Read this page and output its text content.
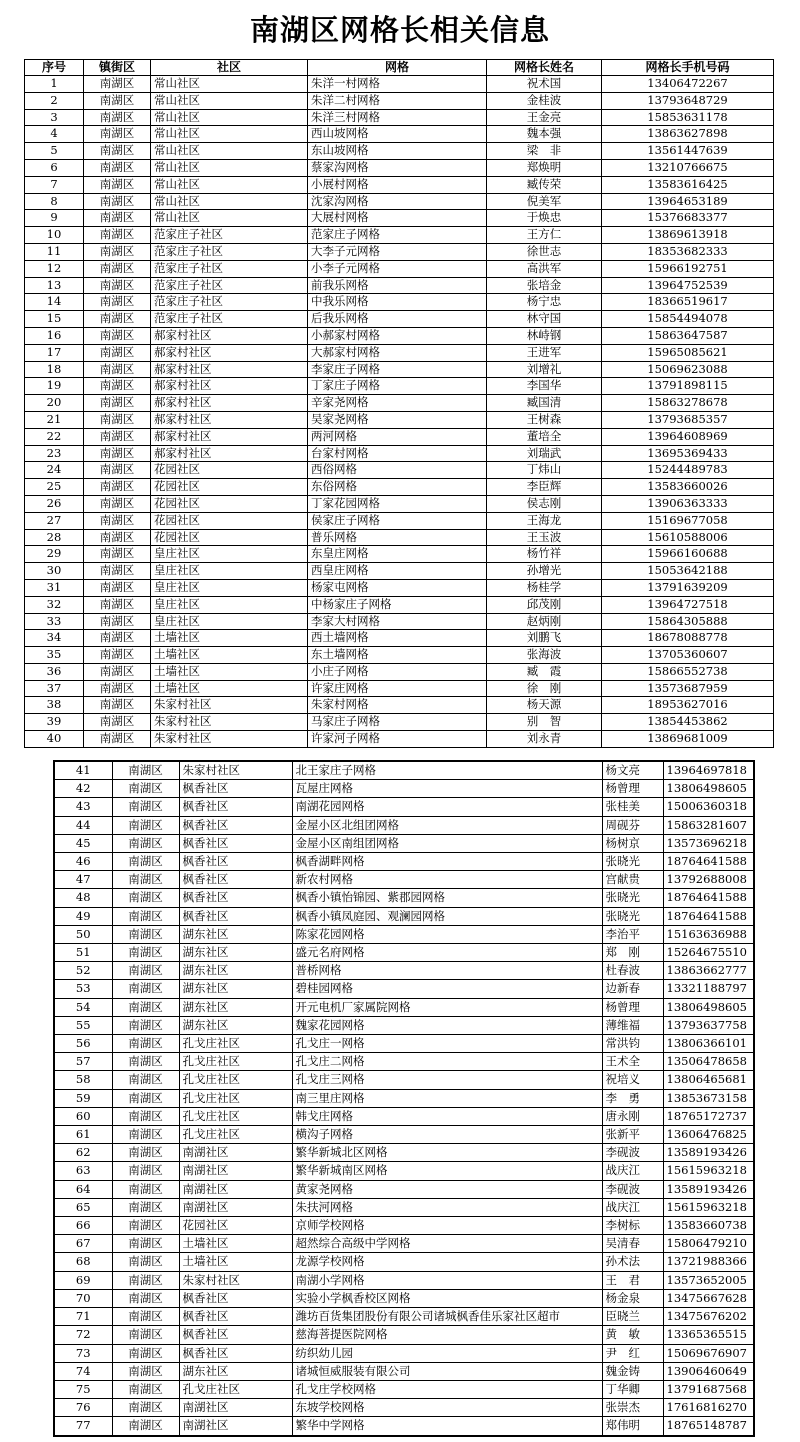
南湖区网格长相关信息
序号	镇街区	社区	网格	网格长姓名	网格长手机号码
1	南湖区	常山社区	朱洋一村网格	祝术国	13406472267
2	南湖区	常山社区	朱洋二村网格	金桂波	13793648729
3	南湖区	常山社区	朱洋三村网格	王金亮	15853631178
4	南湖区	常山社区	西山坡网格	魏本强	13863627898
5	南湖区	常山社区	东山坡网格	梁　非	13561447639
6	南湖区	常山社区	蔡家沟网格	郑焕明	13210766675
7	南湖区	常山社区	小展村网格	臧传荣	13583616425
8	南湖区	常山社区	沈家沟网格	倪美军	13964653189
9	南湖区	常山社区	大展村网格	于焕忠	15376683377
10	南湖区	范家庄子社区	范家庄子网格	王方仁	13869613918
11	南湖区	范家庄子社区	大李子元网格	徐世志	18353682333
12	南湖区	范家庄子社区	小李子元网格	高洪军	15966192751
13	南湖区	范家庄子社区	前我乐网格	张培金	13964752539
14	南湖区	范家庄子社区	中我乐网格	杨宁忠	18366519617
15	南湖区	范家庄子社区	后我乐网格	林守国	15854494078
16	南湖区	郝家村社区	小郝家村网格	林峙钢	15863647587
17	南湖区	郝家村社区	大郝家村网格	王进军	15965085621
18	南湖区	郝家村社区	李家庄子网格	刘增礼	15069623088
19	南湖区	郝家村社区	丁家庄子网格	李国华	13791898115
20	南湖区	郝家村社区	辛家尧网格	臧国清	15863278678
21	南湖区	郝家村社区	吴家尧网格	王树森	13793685357
22	南湖区	郝家村社区	两河网格	董培全	13964608969
23	南湖区	郝家村社区	台家村网格	刘瑞武	13695369433
24	南湖区	花园社区	西俗网格	丁炜山	15244489783
25	南湖区	花园社区	东俗网格	李臣辉	13583660026
26	南湖区	花园社区	丁家花园网格	侯志刚	13906363333
27	南湖区	花园社区	侯家庄子网格	王海龙	15169677058
28	南湖区	花园社区	普乐网格	王玉波	15610588006
29	南湖区	皇庄社区	东皇庄网格	杨竹祥	15966160688
30	南湖区	皇庄社区	西皇庄网格	孙增光	15053642188
31	南湖区	皇庄社区	杨家屯网格	杨桂学	13791639209
32	南湖区	皇庄社区	中杨家庄子网格	邱茂刚	13964727518
33	南湖区	皇庄社区	李家大村网格	赵炳刚	15864305888
34	南湖区	土墙社区	西土墙网格	刘鹏飞	18678088778
35	南湖区	土墙社区	东土墙网格	张海波	13705360607
36	南湖区	土墙社区	小庄子网格	臧　霞	15866552738
37	南湖区	土墙社区	许家庄网格	徐　刚	13573687959
38	南湖区	朱家村社区	朱家村网格	杨天源	18953627016
39	南湖区	朱家村社区	马家庄子网格	别　智	13854453862
40	南湖区	朱家村社区	许家河子网格	刘永青	13869681009
41	南湖区	朱家村社区	北王家庄子网格	杨文亮	13964697818
42	南湖区	枫香社区	瓦屋庄网格	杨曾理	13806498605
43	南湖区	枫香社区	南湖花园网格	张桂美	15006360318
44	南湖区	枫香社区	金屋小区北组团网格	周砚芬	15863281607
45	南湖区	枫香社区	金屋小区南组团网格	杨树京	13573696218
46	南湖区	枫香社区	枫香湖畔网格	张晓光	18764641588
47	南湖区	枫香社区	新农村网格	宫献贵	13792688008
48	南湖区	枫香社区	枫香小镇怡锦园、紫郡园网格	张晓光	18764641588
49	南湖区	枫香社区	枫香小镇凤庭园、观澜园网格	张晓光	18764641588
50	南湖区	湖东社区	陈家花园网格	李治平	15163636988
51	南湖区	湖东社区	盛元名府网格	郑　刚	15264675510
52	南湖区	湖东社区	普桥网格	杜春波	13863662777
53	南湖区	湖东社区	碧桂园网格	边新春	13321188797
54	南湖区	湖东社区	开元电机厂家属院网格	杨曾理	13806498605
55	南湖区	湖东社区	魏家花园网格	薄维福	13793637758
56	南湖区	孔戈庄社区	孔戈庄一网格	常洪钧	13806366101
57	南湖区	孔戈庄社区	孔戈庄二网格	王术全	13506478658
58	南湖区	孔戈庄社区	孔戈庄三网格	祝培义	13806465681
59	南湖区	孔戈庄社区	南三里庄网格	李　勇	13853673158
60	南湖区	孔戈庄社区	韩戈庄网格	唐永刚	18765172737
61	南湖区	孔戈庄社区	横沟子网格	张新平	13606476825
62	南湖区	南湖社区	繁华新城北区网格	李砚波	13589193426
63	南湖区	南湖社区	繁华新城南区网格	战庆江	15615963218
64	南湖区	南湖社区	黄家尧网格	李砚波	13589193426
65	南湖区	南湖社区	朱扶河网格	战庆江	15615963218
66	南湖区	花园社区	京师学校网格	李树标	13583660738
67	南湖区	土墙社区	超然综合高级中学网格	吴清春	15806479210
68	南湖区	土墙社区	龙源学校网格	孙术法	13721988366
69	南湖区	朱家村社区	南湖小学网格	王　君	13573652005
70	南湖区	枫香社区	实验小学枫香校区网格	杨金泉	13475667628
71	南湖区	枫香社区	潍坊百货集团股份有限公司诸城枫香佳乐家社区超市	臣晓兰	13475676202
72	南湖区	枫香社区	慈海菩提医院网格	黄　敏	13365365515
73	南湖区	枫香社区	纺织幼儿园	尹　红	15069676907
74	南湖区	湖东社区	诸城恒威服装有限公司	魏金铸	13906460649
75	南湖区	孔戈庄社区	孔戈庄学校网格	丁华卿	13791687568
76	南湖区	南湖社区	东坡学校网格	张崇杰	17616816270
77	南湖区	南湖社区	繁华中学网格	郑伟明	18765148787
